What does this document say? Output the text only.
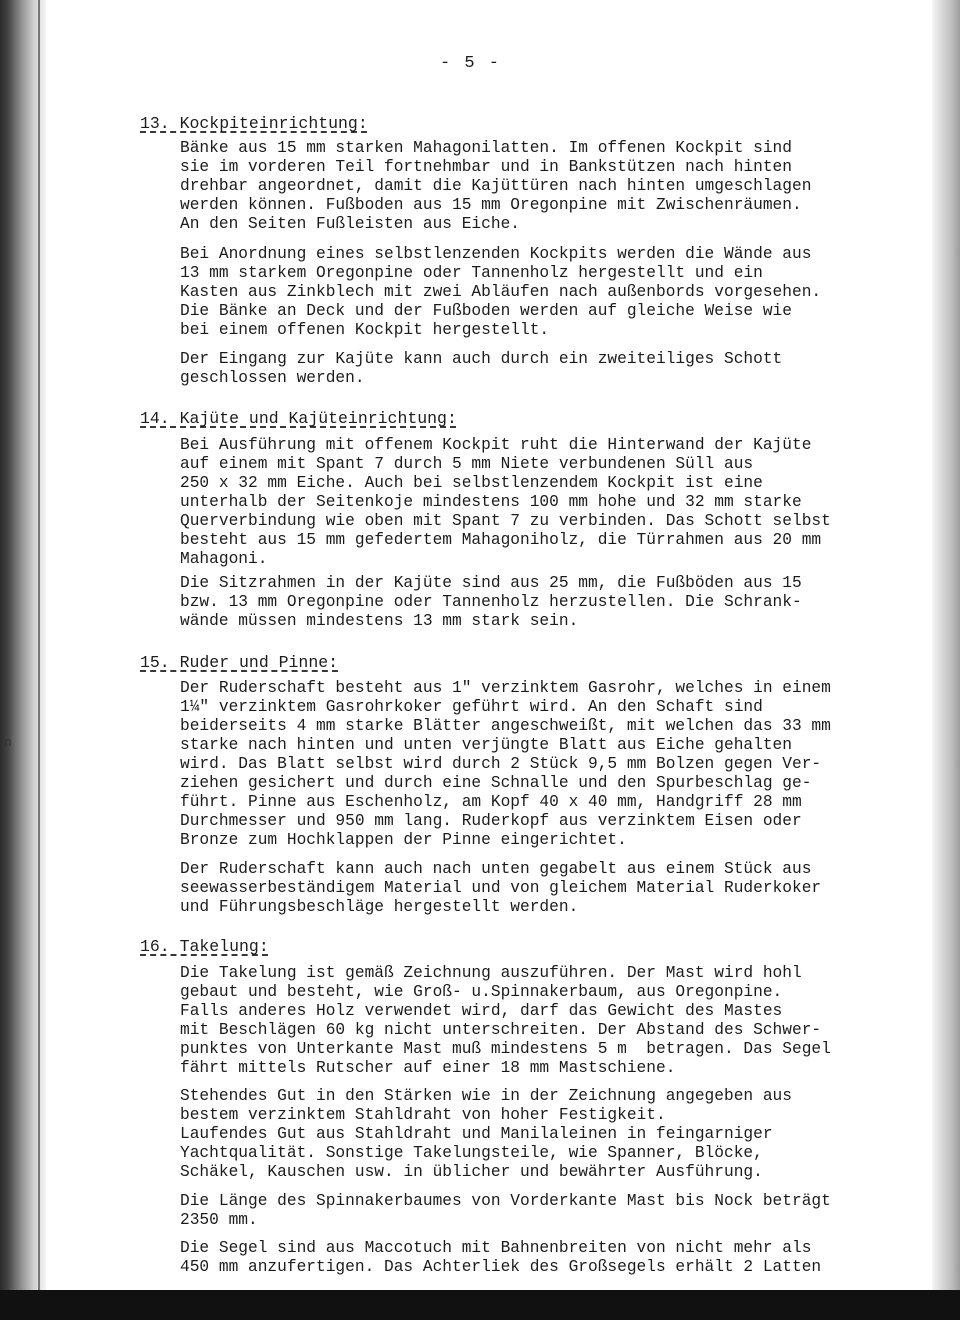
n
- 5 -
13. Kockpiteinrichtung:

Bänke aus 15 mm starken Mahagonilatten. Im offenen Kockpit sind
sie im vorderen Teil fortnehmbar und in Bankstützen nach hinten
drehbar angeordnet, damit die Kajüttüren nach hinten umgeschlagen
werden können. Fußboden aus 15 mm Oregonpine mit Zwischenräumen.
An den Seiten Fußleisten aus Eiche.

Bei Anordnung eines selbstlenzenden Kockpits werden die Wände aus
13 mm starkem Oregonpine oder Tannenholz hergestellt und ein
Kasten aus Zinkblech mit zwei Abläufen nach außenbords vorgesehen.
Die Bänke an Deck und der Fußboden werden auf gleiche Weise wie
bei einem offenen Kockpit hergestellt.

Der Eingang zur Kajüte kann auch durch ein zweiteiliges Schott
geschlossen werden.

14. Kajüte und Kajüteinrichtung:

Bei Ausführung mit offenem Kockpit ruht die Hinterwand der Kajüte
auf einem mit Spant 7 durch 5 mm Niete verbundenen Süll aus
250 x 32 mm Eiche. Auch bei selbstlenzendem Kockpit ist eine
unterhalb der Seitenkoje mindestens 100 mm hohe und 32 mm starke
Querverbindung wie oben mit Spant 7 zu verbinden. Das Schott selbst
besteht aus 15 mm gefedertem Mahagoniholz, die Türrahmen aus 20 mm
Mahagoni.

Die Sitzrahmen in der Kajüte sind aus 25 mm, die Fußböden aus 15
bzw. 13 mm Oregonpine oder Tannenholz herzustellen. Die Schrank-
wände müssen mindestens 13 mm stark sein.

15. Ruder und Pinne:

Der Ruderschaft besteht aus 1" verzinktem Gasrohr, welches in einem
1¼" verzinktem Gasrohrkoker geführt wird. An den Schaft sind
beiderseits 4 mm starke Blätter angeschweißt, mit welchen das 33 mm
starke nach hinten und unten verjüngte Blatt aus Eiche gehalten
wird. Das Blatt selbst wird durch 2 Stück 9,5 mm Bolzen gegen Ver-
ziehen gesichert und durch eine Schnalle und den Spurbeschlag ge-
führt. Pinne aus Eschenholz, am Kopf 40 x 40 mm, Handgriff 28 mm
Durchmesser und 950 mm lang. Ruderkopf aus verzinktem Eisen oder
Bronze zum Hochklappen der Pinne eingerichtet.

Der Ruderschaft kann auch nach unten gegabelt aus einem Stück aus
seewasserbeständigem Material und von gleichem Material Ruderkoker
und Führungsbeschläge hergestellt werden.

16. Takelung:

Die Takelung ist gemäß Zeichnung auszuführen. Der Mast wird hohl
gebaut und besteht, wie Groß- u.Spinnakerbaum, aus Oregonpine.
Falls anderes Holz verwendet wird, darf das Gewicht des Mastes
mit Beschlägen 60 kg nicht unterschreiten. Der Abstand des Schwer-
punktes von Unterkante Mast muß mindestens 5 m  betragen. Das Segel
fährt mittels Rutscher auf einer 18 mm Mastschiene.

Stehendes Gut in den Stärken wie in der Zeichnung angegeben aus
bestem verzinktem Stahldraht von hoher Festigkeit.
Laufendes Gut aus Stahldraht und Manilaleinen in feingarniger
Yachtqualität. Sonstige Takelungsteile, wie Spanner, Blöcke,
Schäkel, Kauschen usw. in üblicher und bewährter Ausführung.

Die Länge des Spinnakerbaumes von Vorderkante Mast bis Nock beträgt
2350 mm.

Die Segel sind aus Maccotuch mit Bahnenbreiten von nicht mehr als
450 mm anzufertigen. Das Achterliek des Großsegels erhält 2 Latten
